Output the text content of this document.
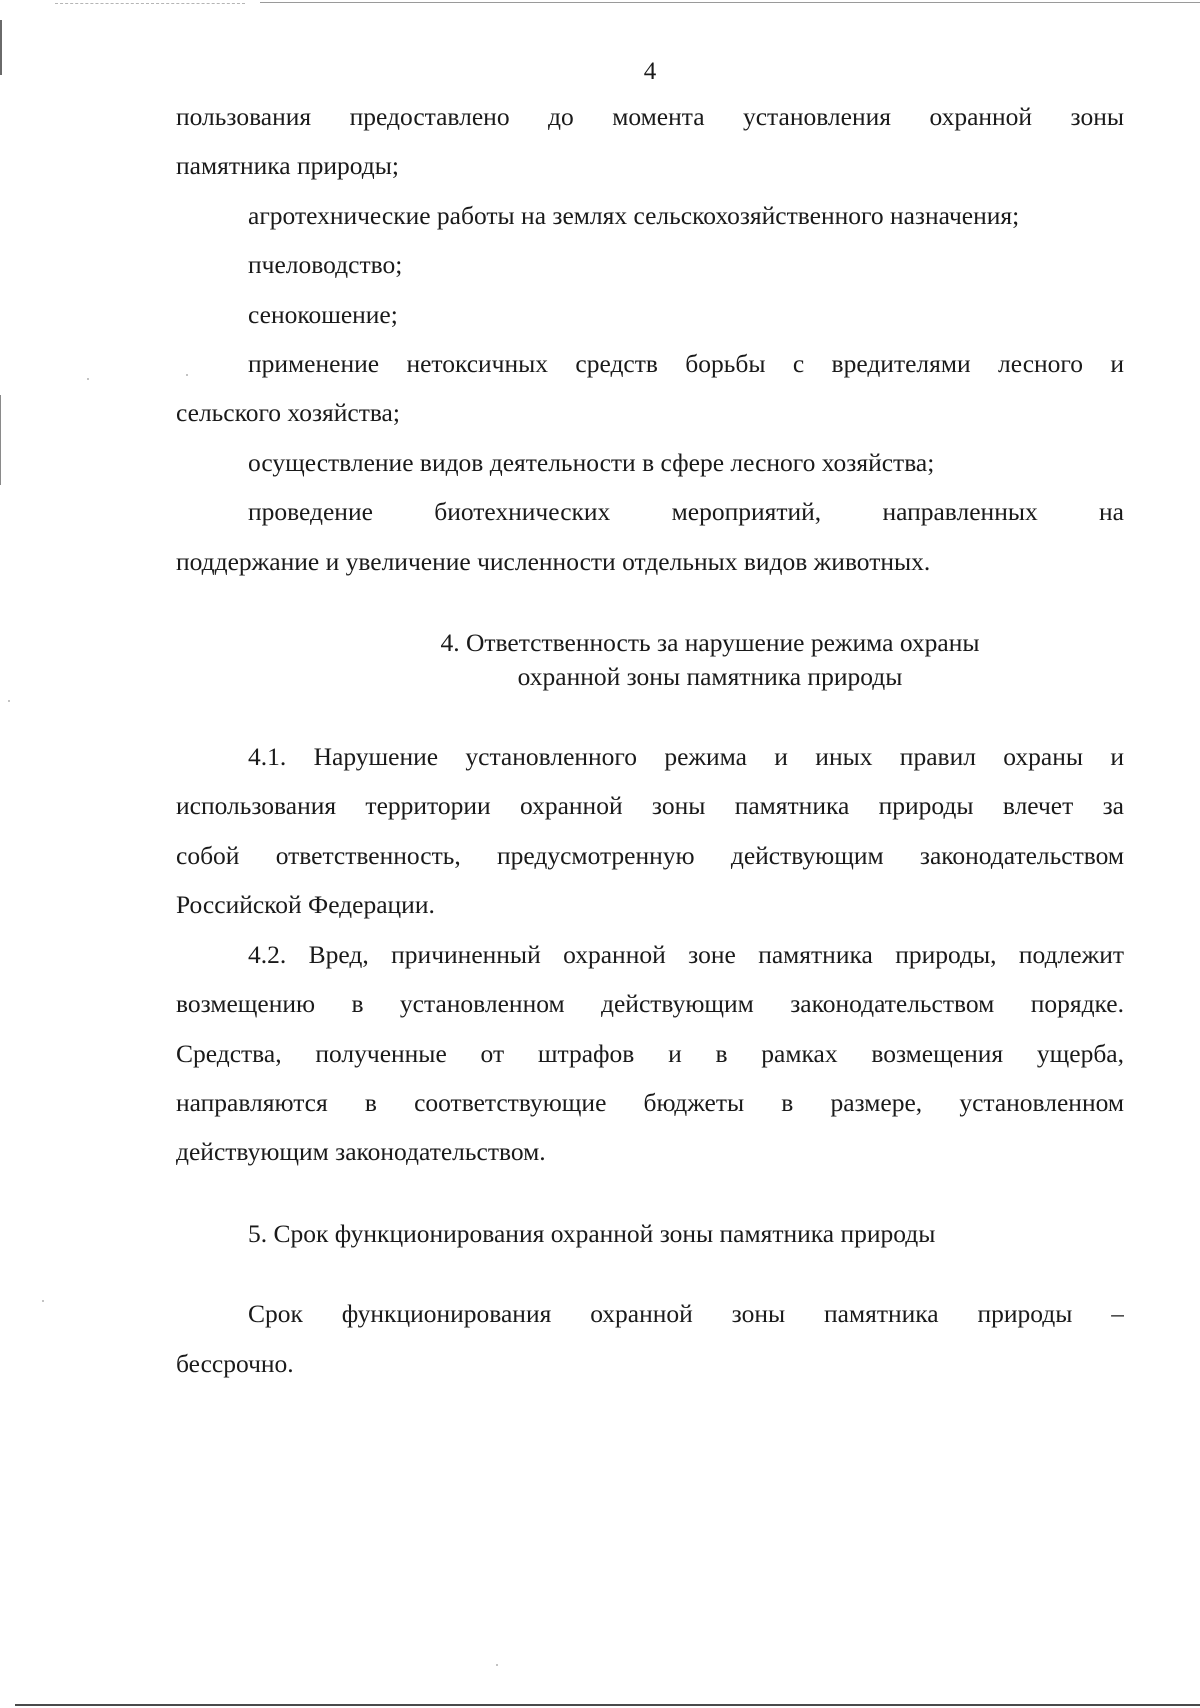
4
пользования предоставлено до момента установления охранной зоны
памятника природы;
агротехнические работы на землях сельскохозяйственного назначения;
пчеловодство;
сенокошение;
применение нетоксичных средств борьбы с вредителями лесного и
сельского хозяйства;
осуществление видов деятельности в сфере лесного хозяйства;
проведение биотехнических мероприятий, направленных на
поддержание и увеличение численности отдельных видов животных.
4. Ответственность за нарушение режима охраны
охранной зоны памятника природы
4.1. Нарушение установленного режима и иных правил охраны и
использования территории охранной зоны памятника природы влечет за
собой ответственность, предусмотренную действующим законодательством
Российской Федерации.
4.2. Вред, причиненный охранной зоне памятника природы, подлежит
возмещению в установленном действующим законодательством порядке.
Средства, полученные от штрафов и в рамках возмещения ущерба,
направляются в соответствующие бюджеты в размере, установленном
действующим законодательством.
5. Срок функционирования охранной зоны памятника природы
Срок функционирования охранной зоны памятника природы –
бессрочно.
